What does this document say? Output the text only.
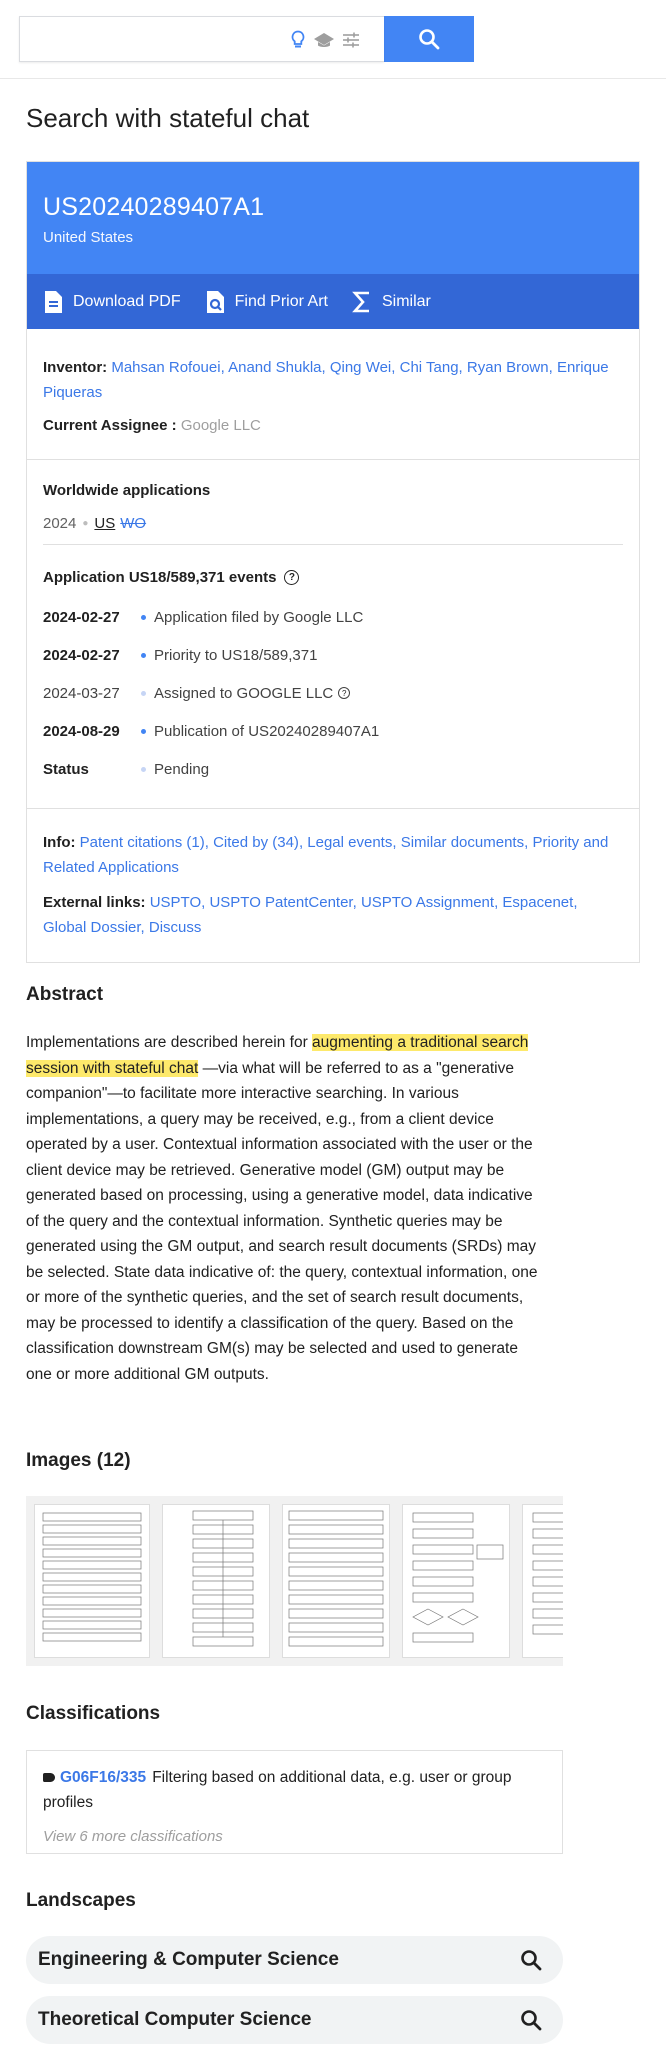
Search with stateful chat
US20240289407A1
United States
Download PDF	Find Prior Art	Similar
Inventor: Mahsan Rofouei, Anand Shukla, Qing Wei, Chi Tang, Ryan Brown, Enrique Piqueras
Current Assignee : Google LLC
Worldwide applications
2024 ● US WO
Application US18/589,371 events	?
2024-02-27	Application filed by Google LLC
2024-02-27	Priority to US18/589,371
2024-03-27	Assigned to GOOGLE LLC	?
2024-08-29	Publication of US20240289407A1
Status	Pending
Info: Patent citations (1), Cited by (34), Legal events, Similar documents, Priority and Related Applications
External links: USPTO, USPTO PatentCenter, USPTO Assignment, Espacenet, Global Dossier, Discuss
Abstract
Implementations are described herein for augmenting a traditional search session with stateful chat —via what will be referred to as a "generative companion"—to facilitate more interactive searching. In various implementations, a query may be received, e.g., from a client device operated by a user. Contextual information associated with the user or the client device may be retrieved. Generative model (GM) output may be generated based on processing, using a generative model, data indicative of the query and the contextual information. Synthetic queries may be generated using the GM output, and search result documents (SRDs) may be selected. State data indicative of: the query, contextual information, one or more of the synthetic queries, and the set of search result documents, may be processed to identify a classification of the query. Based on the classification downstream GM(s) may be selected and used to generate one or more additional GM outputs.
Images (12)
Classifications
G06F16/335 Filtering based on additional data, e.g. user or group profiles
View 6 more classifications
Landscapes
Engineering & Computer Science
Theoretical Computer Science
